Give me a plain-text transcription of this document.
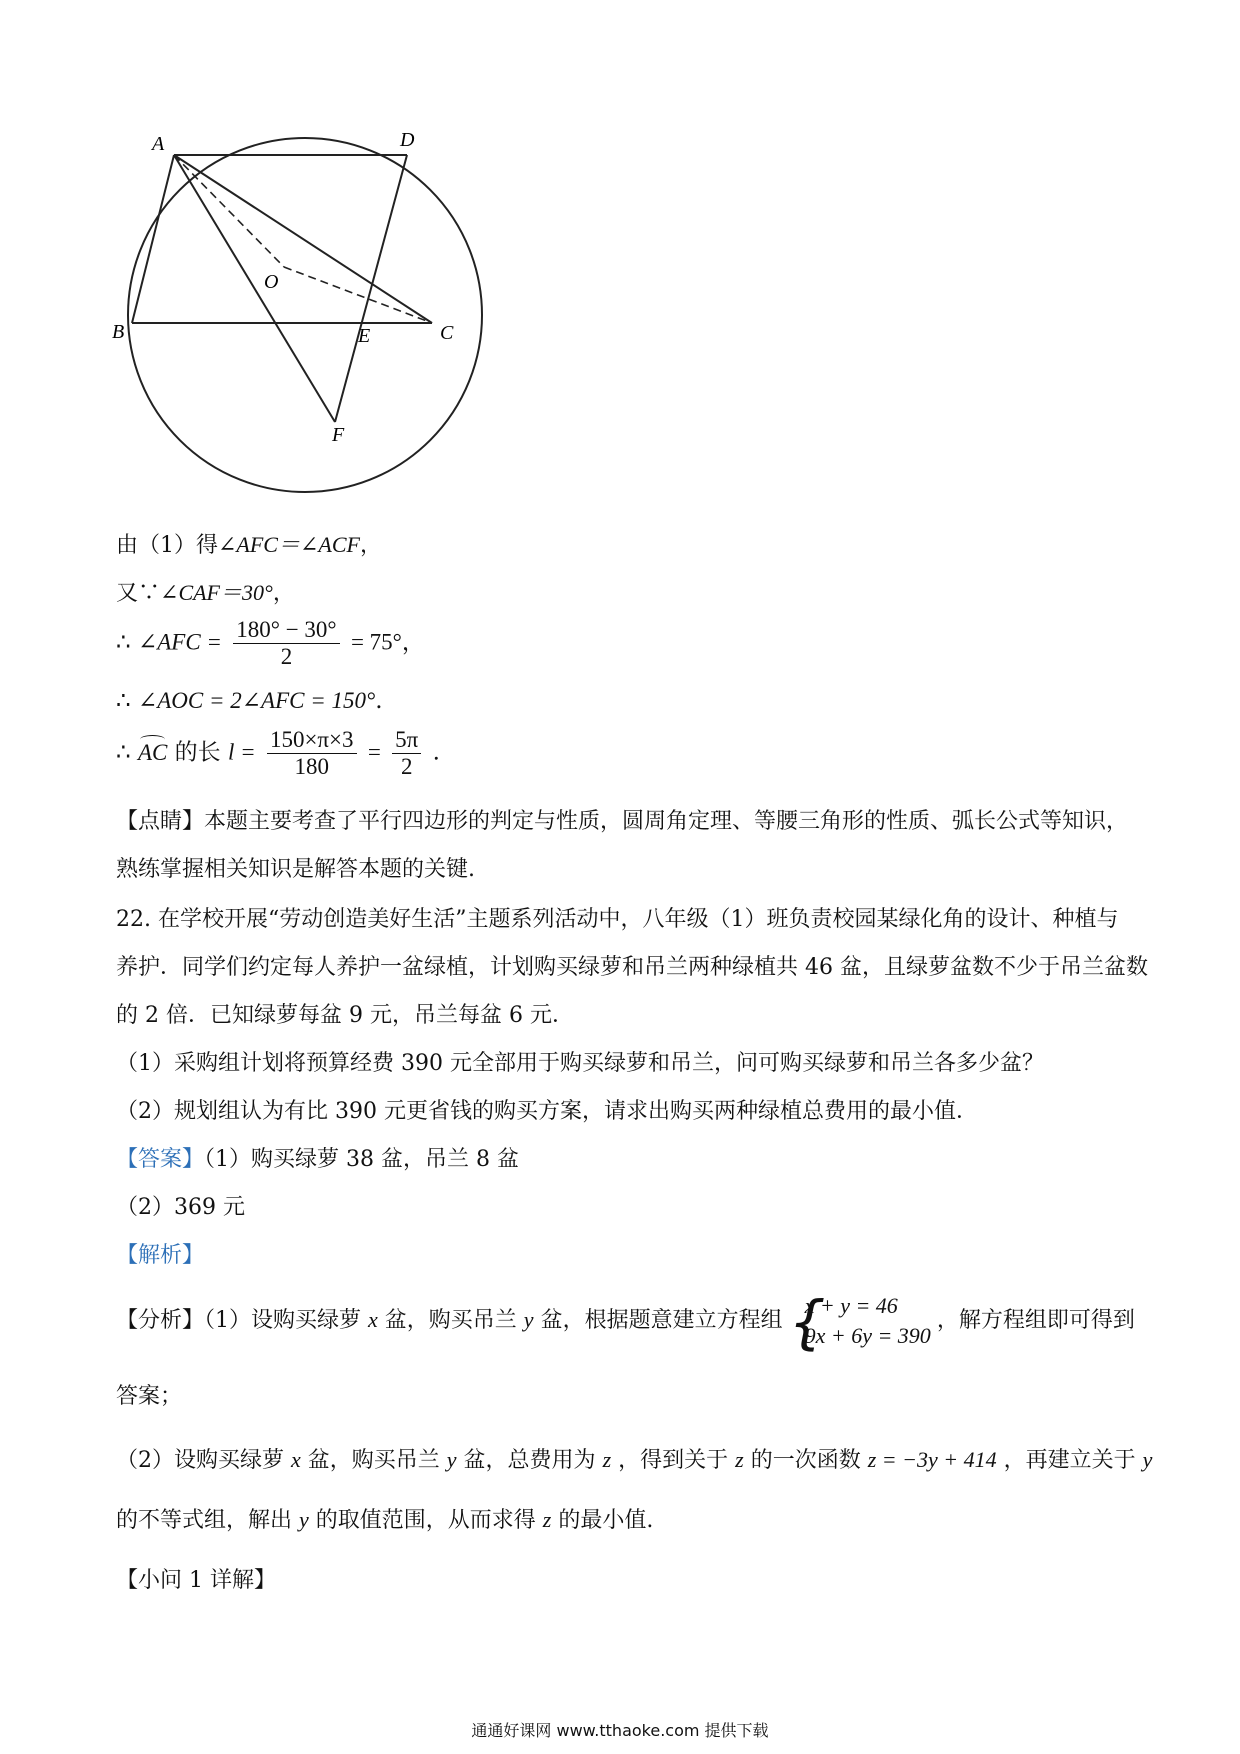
A	D
O
B	E	C
F
由（1）得∠AFC＝∠ACF，
又∵∠CAF＝30°，
∴ ∠AFC = $\frac{180^\circ - 30^\circ}{2} = 75^\circ$，
∴ ∠AOC = 2∠AFC = 150°.
∴ AC 的长 $l = \frac{150\times\pi\times 3}{180} = \frac{5\pi}{2}$ .
【点睛】本题主要考查了平行四边形的判定与性质，圆周角定理、等腰三角形的性质、弧长公式等知识，
熟练掌握相关知识是解答本题的关键.
22. 在学校开展“劳动创造美好生活”主题系列活动中，八年级（1）班负责校园某绿化角的设计、种植与
养护．同学们约定每人养护一盆绿植，计划购买绿萝和吊兰两种绿植共 46 盆，且绿萝盆数不少于吊兰盆数
的 2 倍．已知绿萝每盆 9 元，吊兰每盆 6 元．
（1）采购组计划将预算经费 390 元全部用于购买绿萝和吊兰，问可购买绿萝和吊兰各多少盆？
（2）规划组认为有比 390 元更省钱的购买方案，请求出购买两种绿植总费用的最小值．
【答案】（1）购买绿萝 38 盆，吊兰 8 盆
（2）369 元
【解析】
【分析】（1）设购买绿萝 x 盆，购买吊兰 y 盆，根据题意建立方程组 {
x + y = 46
9x + 6y = 390
，解方程组即可得到
答案；
（2）设购买绿萝 x 盆，购买吊兰 y 盆，总费用为 z ，得到关于 z 的一次函数 z = −3y + 414 ，再建立关于 y
的不等式组，解出 y 的取值范围，从而求得 z 的最小值.
【小问 1 详解】
通通好课网 www.tthaoke.com 提供下载
